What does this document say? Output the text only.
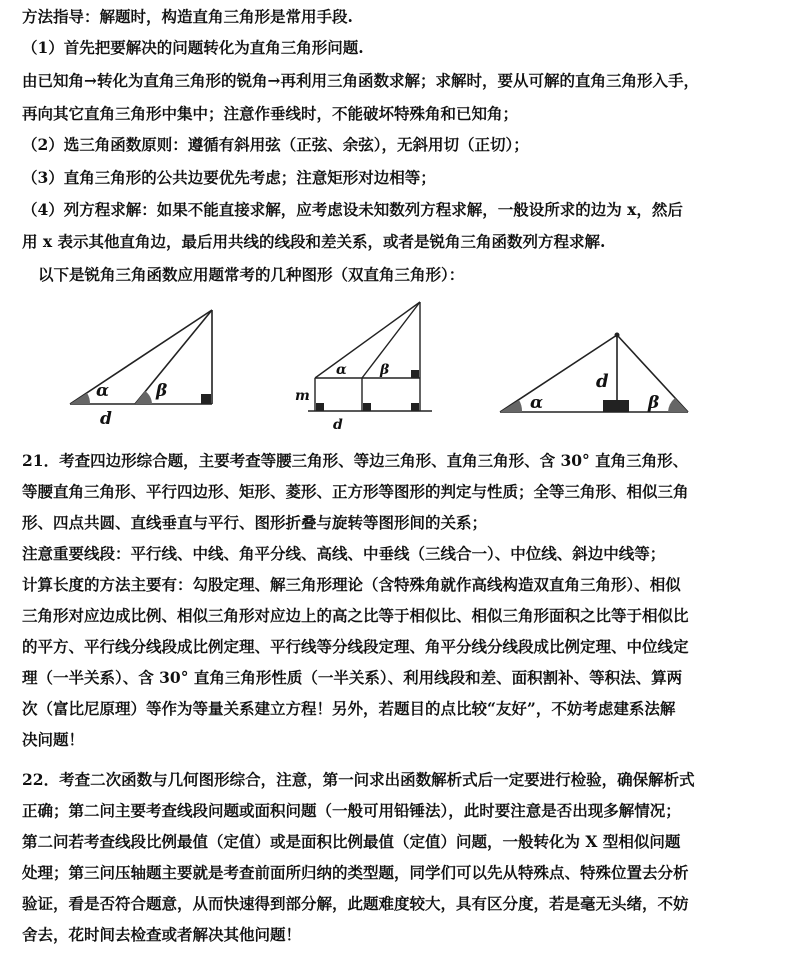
方法指导：解题时，构造直角三角形是常用手段.
（1）首先把要解决的问题转化为直角三角形问题.
由已知角→转化为直角三角形的锐角→再利用三角函数求解；求解时，要从可解的直角三角形入手，
再向其它直角三角形中集中；注意作垂线时，不能破坏特殊角和已知角；
（2）选三角函数原则：遵循有斜用弦（正弦、余弦），无斜用切（正切）；
（3）直角三角形的公共边要优先考虑；注意矩形对边相等；
（4）列方程求解：如果不能直接求解，应考虑设未知数列方程求解，一般设所求的边为 x，然后
用 x 表示其他直角边，最后用共线的线段和差关系，或者是锐角三角函数列方程求解.
以下是锐角三角函数应用题常考的几种图形（双直角三角形）：
α	β
d
α β
m
d
α	β
d
21．考查四边形综合题，主要考查等腰三角形、等边三角形、直角三角形、含 30° 直角三角形、
等腰直角三角形、平行四边形、矩形、菱形、正方形等图形的判定与性质；全等三角形、相似三角
形、四点共圆、直线垂直与平行、图形折叠与旋转等图形间的关系；
注意重要线段：平行线、中线、角平分线、高线、中垂线（三线合一）、中位线、斜边中线等；
计算长度的方法主要有：勾股定理、解三角形理论（含特殊角就作高线构造双直角三角形）、相似
三角形对应边成比例、相似三角形对应边上的高之比等于相似比、相似三角形面积之比等于相似比
的平方、平行线分线段成比例定理、平行线等分线段定理、角平分线分线段成比例定理、中位线定
理（一半关系）、含 30° 直角三角形性质（一半关系）、利用线段和差、面积割补、等积法、算两
次（富比尼原理）等作为等量关系建立方程！另外，若题目的点比较“友好”，不妨考虑建系法解
决问题！
22．考查二次函数与几何图形综合，注意，第一问求出函数解析式后一定要进行检验，确保解析式
正确；第二问主要考查线段问题或面积问题（一般可用铅锤法），此时要注意是否出现多解情况；
第二问若考查线段比例最值（定值）或是面积比例最值（定值）问题，一般转化为 X 型相似问题
处理；第三问压轴题主要就是考查前面所归纳的类型题，同学们可以先从特殊点、特殊位置去分析
验证，看是否符合题意，从而快速得到部分解，此题难度较大，具有区分度，若是毫无头绪，不妨
舍去，花时间去检查或者解决其他问题！
